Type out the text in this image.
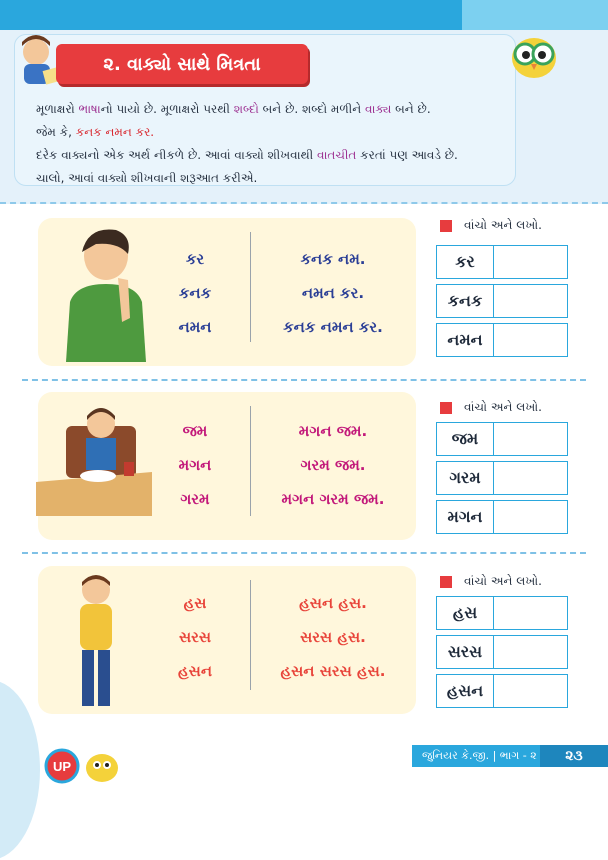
૨. વાક્યો સાથે મિત્રતા
મૂળાક્ષરો ભાષાનો પાયો છે. મૂળાક્ષરો પરથી શબ્દો બને છે. શબ્દો મળીને વાક્ય બને છે.
જેમ કે, કનક નમન કર.
દરેક વાક્યનો એક અર્થ નીકળે છે. આવાં વાક્યો શીખવાથી વાતચીત કરતાં પણ આવડે છે.
ચાલો, આવાં વાક્યો શીખવાની શરૂઆત કરીએ.
કર
કનક
નમન
કનક નમ.
નમન કર.
કનક નમન કર.
વાંચો અને લખો.
કર
કનક
નમન
જમ
મગન
ગરમ
મગન જમ.
ગરમ જમ.
મગન ગરમ જમ.
વાંચો અને લખો.
જમ
ગરમ
મગન
હસ
સરસ
હસન
હસન હસ.
સરસ હસ.
હસન સરસ હસ.
વાંચો અને લખો.
હસ
સરસ
હસન
UP
જુનિયર કે.જી. | ભાગ - ૨	૨૩
